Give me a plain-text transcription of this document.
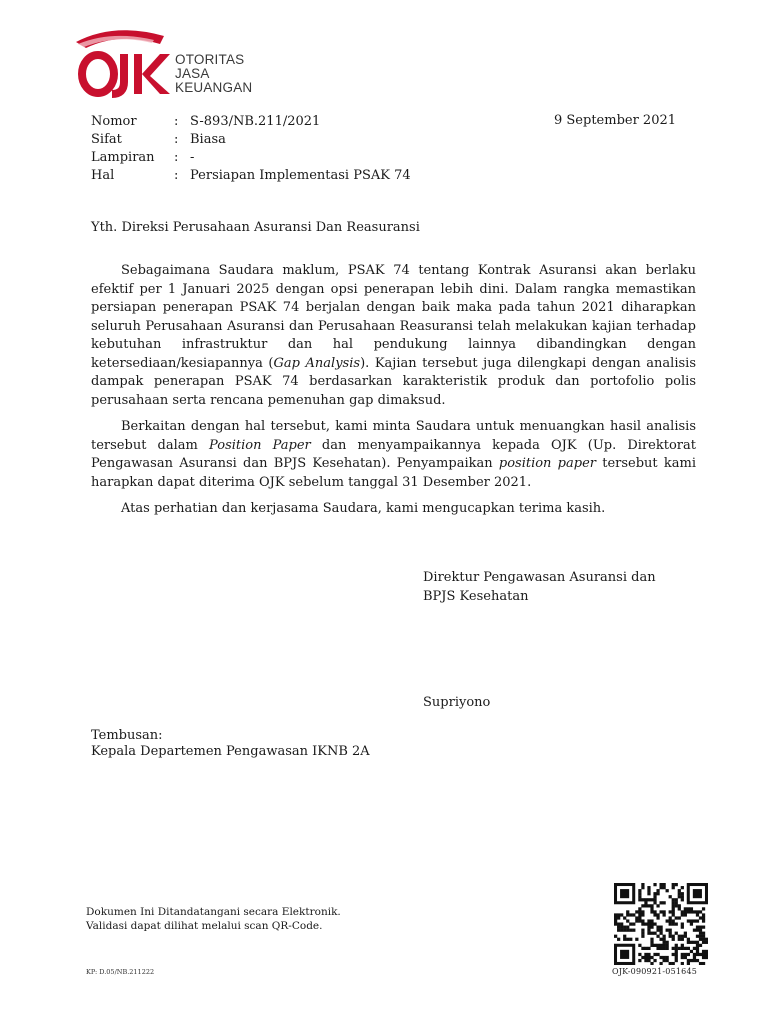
OTORITAS
JASA
KEUANGAN
Nomor	: S-893/NB.211/2021
Sifat	: Biasa
Lampiran : -
Hal	: Persiapan Implementasi PSAK 74
9 September 2021
Yth. Direksi Perusahaan Asuransi Dan Reasuransi

Sebagaimana Saudara maklum, PSAK 74 tentang Kontrak Asuransi akan berlaku efektif per 1 Januari 2025 dengan opsi penerapan lebih dini. Dalam rangka memastikan persiapan penerapan PSAK 74 berjalan dengan baik maka pada tahun 2021 diharapkan seluruh Perusahaan Asuransi dan Perusahaan Reasuransi telah melakukan kajian terhadap kebutuhan infrastruktur dan hal pendukung lainnya dibandingkan dengan ketersediaan/kesiapannya (Gap Analysis). Kajian tersebut juga dilengkapi dengan analisis dampak penerapan PSAK 74 berdasarkan karakteristik produk dan portofolio polis perusahaan serta rencana pemenuhan gap dimaksud.

Berkaitan dengan hal tersebut, kami minta Saudara untuk menuangkan hasil analisis tersebut dalam Position Paper dan menyampaikannya kepada OJK (Up. Direktorat Pengawasan Asuransi dan BPJS Kesehatan). Penyampaikan position paper tersebut kami harapkan dapat diterima OJK sebelum tanggal 31 Desember 2021.

Atas perhatian dan kerjasama Saudara, kami mengucapkan terima kasih.

Direktur Pengawasan Asuransi dan
BPJS Kesehatan
Supriyono
Tembusan:
Kepala Departemen Pengawasan IKNB 2A
Dokumen Ini Ditandatangani secara Elektronik.
Validasi dapat dilihat melalui scan QR-Code.
KP: D.05/NB.211222	OJK-090921-051645
